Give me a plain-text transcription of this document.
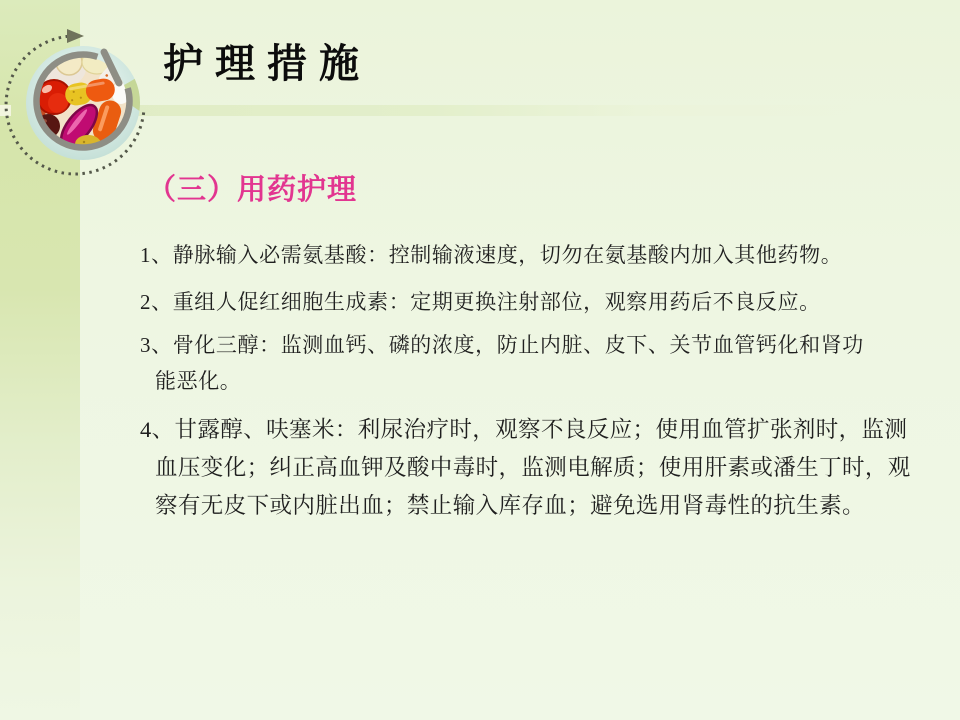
护 理 措 施
（三）用药护理
1、静脉输入必需氨基酸：控制输液速度，切勿在氨基酸内加入其他药物。
2、重组人促红细胞生成素：定期更换注射部位，观察用药后不良反应。
3、骨化三醇：监测血钙、磷的浓度，防止内脏、皮下、关节血管钙化和肾功
能恶化。
4、甘露醇、呋塞米：利尿治疗时，观察不良反应；使用血管扩张剂时，监测
血压变化；纠正高血钾及酸中毒时，监测电解质；使用肝素或潘生丁时，观
察有无皮下或内脏出血；禁止输入库存血；避免选用肾毒性的抗生素。
